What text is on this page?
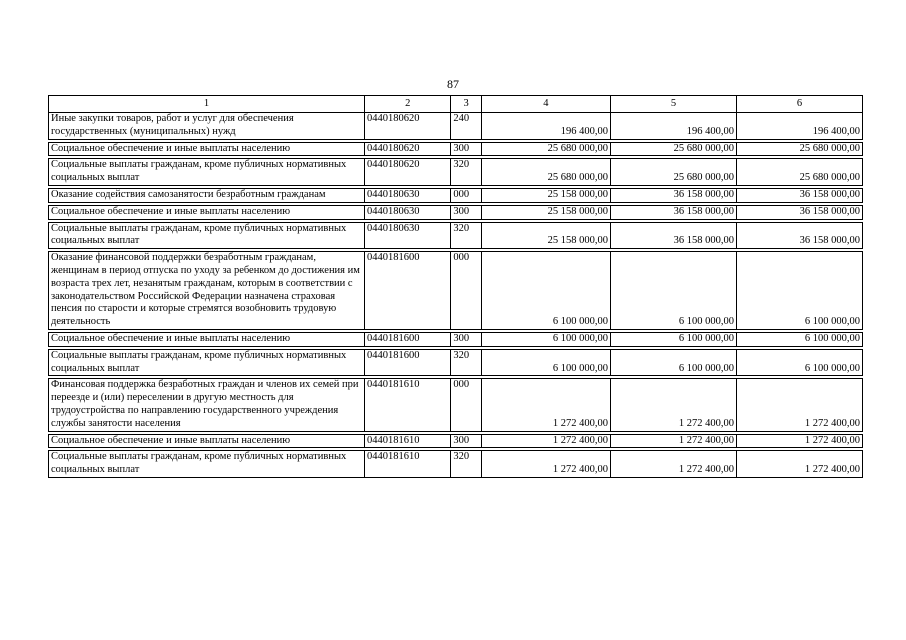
87
1	2	3	4	5	6
Иные закупки товаров, работ и услуг для обеспечения государственных (муниципальных) нужд	0440180620	240	196 400,00	196 400,00	196 400,00

Социальное обеспечение и иные выплаты населению	0440180620	300	25 680 000,00	25 680 000,00	25 680 000,00

Социальные выплаты гражданам, кроме публичных нормативных социальных выплат	0440180620	320	25 680 000,00	25 680 000,00	25 680 000,00

Оказание содействия самозанятости безработным гражданам	0440180630	000	25 158 000,00	36 158 000,00	36 158 000,00

Социальное обеспечение и иные выплаты населению	0440180630	300	25 158 000,00	36 158 000,00	36 158 000,00

Социальные выплаты гражданам, кроме публичных нормативных социальных выплат	0440180630	320	25 158 000,00	36 158 000,00	36 158 000,00

Оказание финансовой поддержки безработным гражданам, женщинам в период отпуска по уходу за ребенком до достижения им возраста трех лет, незанятым гражданам, которым в соответствии с законодательством Российской Федерации назначена страховая пенсия по старости и которые стремятся возобновить трудовую деятельность	0440181600	000	6 100 000,00	6 100 000,00	6 100 000,00

Социальное обеспечение и иные выплаты населению	0440181600	300	6 100 000,00	6 100 000,00	6 100 000,00

Социальные выплаты гражданам, кроме публичных нормативных социальных выплат	0440181600	320	6 100 000,00	6 100 000,00	6 100 000,00

Финансовая поддержка безработных граждан и членов их семей при переезде и (или) переселении в другую местность для трудоустройства по направлению государственного учреждения службы занятости населения	0440181610	000	1 272 400,00	1 272 400,00	1 272 400,00

Социальное обеспечение и иные выплаты населению	0440181610	300	1 272 400,00	1 272 400,00	1 272 400,00

Социальные выплаты гражданам, кроме публичных нормативных социальных выплат	0440181610	320	1 272 400,00	1 272 400,00	1 272 400,00
